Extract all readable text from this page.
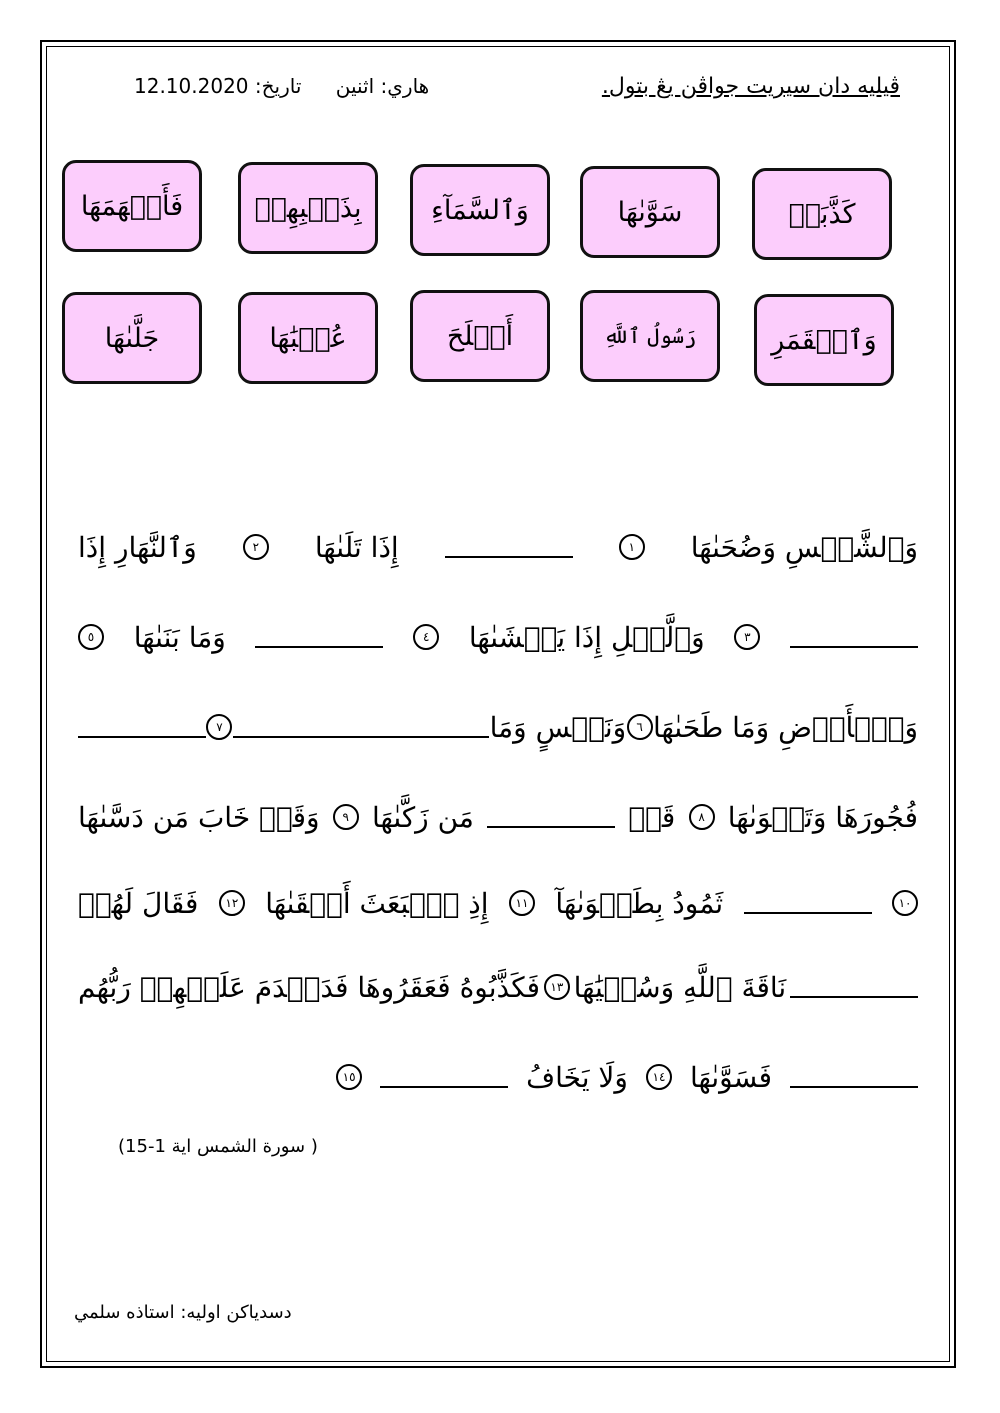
ڤيليه دان سيريت جواڤن يڠ بتول.
هاري: اثنين تاريخ: 12.10.2020
كَذَّبَتۡ
سَوَّىٰهَا
وَٱلسَّمَآءِ
بِذَنۢبِهِمۡ
فَأَلۡهَمَهَا
وَٱلۡقَمَرِ
رَسُولُ ٱللَّهِ
أَفۡلَحَ
عُقۡبَٰهَا
جَلَّىٰهَا
وَٱلشَّمۡسِ وَضُحَىٰهَا
١
إِذَا تَلَىٰهَا
٢
وَٱلنَّهَارِ إِذَا
٣
وَٱلَّيۡلِ إِذَا يَغۡشَىٰهَا
٤
وَمَا بَنَىٰهَا
٥
وَٱلۡأَرۡضِ وَمَا طَحَىٰهَا
٦
وَنَفۡسٍ وَمَا
٧
فُجُورَهَا وَتَقۡوَىٰهَا
٨
قَدۡ
مَن زَكَّىٰهَا
٩
وَقَدۡ خَابَ مَن دَسَّىٰهَا
١٠
ثَمُودُ بِطَغۡوَىٰهَآ
١١
إِذِ ٱنۢبَعَثَ أَشۡقَىٰهَا
١٢
فَقَالَ لَهُمۡ
نَاقَةَ ٱللَّهِ وَسُقۡيَٰهَا
١٣
فَكَذَّبُوهُ فَعَقَرُوهَا فَدَمۡدَمَ عَلَيۡهِمۡ رَبُّهُم
فَسَوَّىٰهَا
١٤
وَلَا يَخَافُ
١٥
( سورة الشمس اية 1-15)
دسدياکن اوليه: استاذه سلمي
